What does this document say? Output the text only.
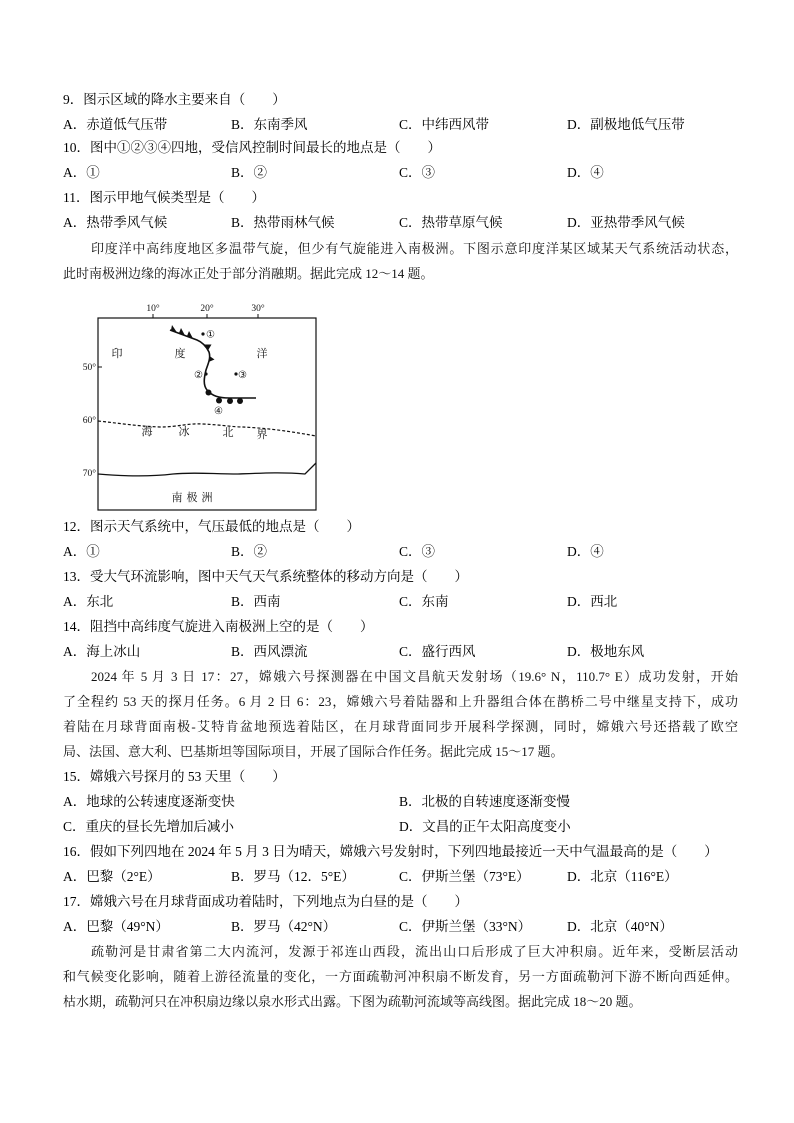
9．图示区域的降水主要来自（　　）
A．赤道低气压带	B．东南季风	C．中纬西风带	D．副极地低气压带
10．图中①②③④四地，受信风控制时间最长的地点是（　　）
A．①	B．②	C．③	D．④
11．图示甲地气候类型是（　　）
A．热带季风气候	B．热带雨林气候	C．热带草原气候	D．亚热带季风气候
印度洋中高纬度地区多温带气旋，但少有气旋能进入南极洲。下图示意印度洋某区域某天气系统活动状态，
此时南极洲边缘的海冰正处于部分消融期。据此完成 12～14 题。
10°	20°	30°
50°
60°
70°
印	度	洋
海 冰	北 界
南 极 洲
①
②	③
④
12．图示天气系统中，气压最低的地点是（　　）
A．①	B．②	C．③	D．④
13．受大气环流影响，图中天气天气系统整体的移动方向是（　　）
A．东北	B．西南	C．东南	D．西北
14．阻挡中高纬度气旋进入南极洲上空的是（　　）
A．海上冰山	B．西风漂流	C．盛行西风	D．极地东风
2024 年 5 月 3 日 17：27，嫦娥六号探测器在中国文昌航天发射场（19.6° N，110.7° E）成功发射，开始
了全程约 53 天的探月任务。6 月 2 日 6：23，嫦娥六号着陆器和上升器组合体在鹊桥二号中继星支持下，成功
着陆在月球背面南极-艾特肯盆地预选着陆区，在月球背面同步开展科学探测，同时，嫦娥六号还搭载了欧空
局、法国、意大利、巴基斯坦等国际项目，开展了国际合作任务。据此完成 15～17 题。
15．嫦娥六号探月的 53 天里（　　）
A．地球的公转速度逐渐变快	B．北极的自转速度逐渐变慢
C．重庆的昼长先增加后减小	D．文昌的正午太阳高度变小
16．假如下列四地在 2024 年 5 月 3 日为晴天，嫦娥六号发射时，下列四地最接近一天中气温最高的是（　　）
A．巴黎（2°E）	B．罗马（12．5°E）	C．伊斯兰堡（73°E）	D．北京（116°E）
17．嫦娥六号在月球背面成功着陆时，下列地点为白昼的是（　　）
A．巴黎（49°N）	B．罗马（42°N）	C．伊斯兰堡（33°N）	D．北京（40°N）
疏勒河是甘肃省第二大内流河，发源于祁连山西段，流出山口后形成了巨大冲积扇。近年来，受断层活动
和气候变化影响，随着上游径流量的变化，一方面疏勒河冲积扇不断发育，另一方面疏勒河下游不断向西延伸。
枯水期，疏勒河只在冲积扇边缘以泉水形式出露。下图为疏勒河流域等高线图。据此完成 18～20 题。
